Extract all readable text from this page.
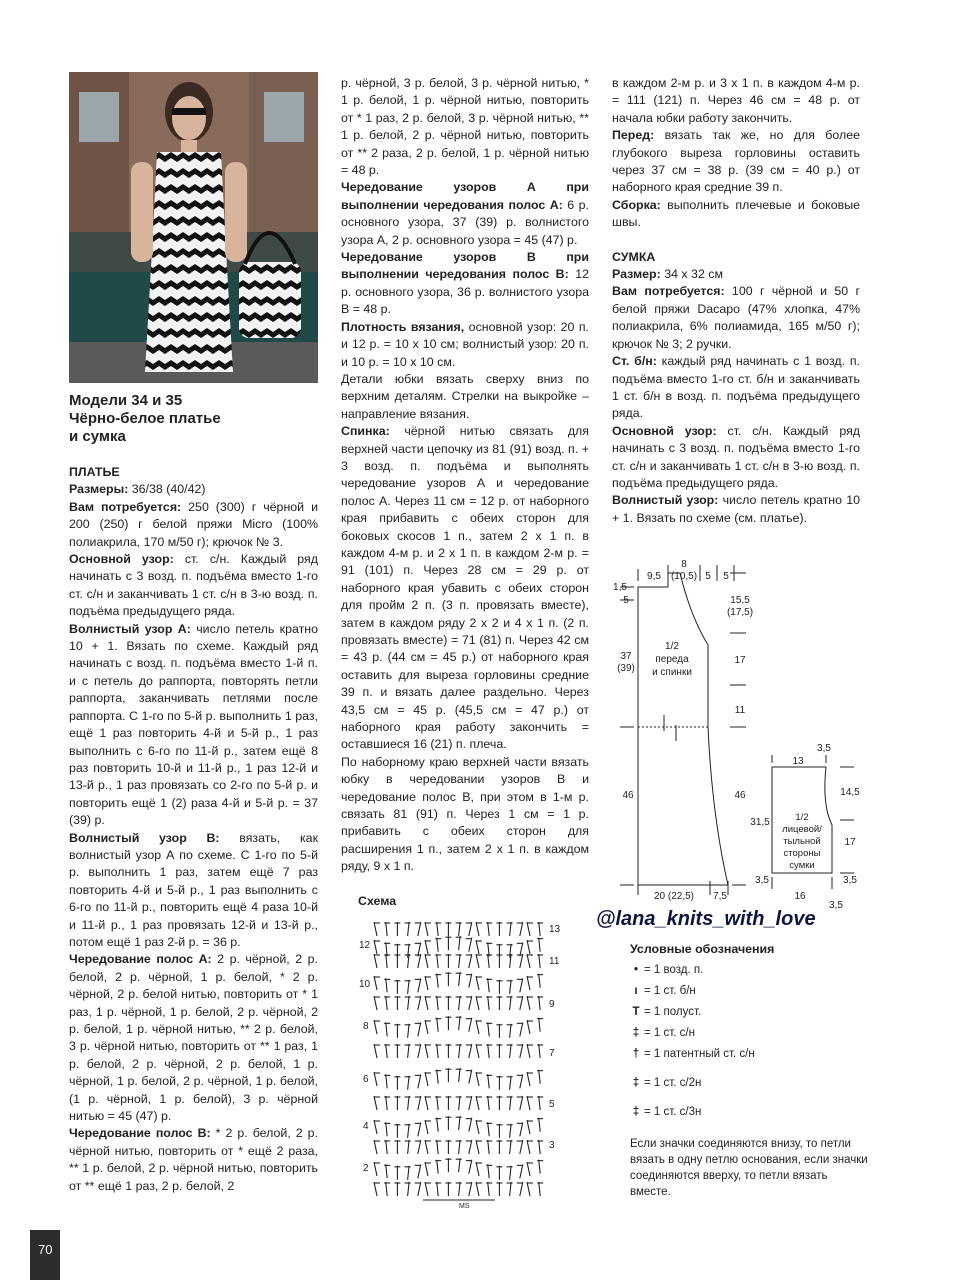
Модели 34 и 35

Чёрно-белое платье

и сумка

ПЛАТЬЕ

Размеры: 36/38 (40/42)

Вам потребуется: 250 (300) г чёрной и 200 (250) г белой пряжи Micro (100% полиакрила, 170 м/50 г); крючок № 3.

Основной узор: ст. с/н. Каждый ряд начинать с 3 возд. п. подъёма вместо 1-го ст. с/н и заканчивать 1 ст. с/н в 3-ю возд. п. подъёма предыдущего ряда.

Волнистый узор А: число петель кратно 10 + 1. Вязать по схеме. Каждый ряд начинать с возд. п. подъёма вместо 1-й п. и с петель до раппорта, повторять петли раппорта, заканчивать петлями после раппорта. С 1-го по 5-й р. выполнить 1 раз, ещё 1 раз повторить 4-й и 5-й р., 1 раз выполнить с 6-го по 11-й р., затем ещё 8 раз повторить 10-й и 11-й р., 1 раз 12-й и 13-й р., 1 раз провязать со 2-го по 5-й р. и повторить ещё 1 (2) раза 4-й и 5-й р. = 37 (39) р.

Волнистый узор В: вязать, как волнистый узор А по схеме. С 1-го по 5-й р. выполнить 1 раз, затем ещё 7 раз повторить 4-й и 5-й р., 1 раз выполнить с 6-го по 11-й р., повторить ещё 4 раза 10-й и 11-й р., 1 раз провязать 12-й и 13-й р., потом ещё 1 раз 2-й р. = 36 р.

Чередование полос А: 2 р. чёрной, 2 р. белой, 2 р. чёрной, 1 р. белой, * 2 р. чёрной, 2 р. белой нитью, повторить от * 1 раз, 1 р. чёрной, 1 р. белой, 2 р. чёрной, 2 р. белой, 1 р. чёрной нитью, ** 2 р. белой, 3 р. чёрной нитью, повторить от ** 1 раз, 1 р. белой, 2 р. чёрной, 2 р. белой, 1 р. чёрной, 1 р. белой, 2 р. чёрной, 1 р. белой, (1 р. чёрной, 1 р. белой), 3 р. чёрной нитью = 45 (47) р.

Чередование полос В: * 2 р. белой, 2 р. чёрной нитью, повторить от * ещё 2 раза, ** 1 р. белой, 2 р. чёрной нитью, повторить от ** ещё 1 раз, 2 р. белой, 2

р. чёрной, 3 р. белой, 3 р. чёрной нитью, * 1 р. белой, 1 р. чёрной нитью, повторить от * 1 раз, 2 р. белой, 3 р. чёрной нитью, ** 1 р. белой, 2 р. чёрной нитью, повторить от ** 2 раза, 2 р. белой, 1 р. чёрной нитью = 48 р.

Чередование узоров А при выполнении чередования полос А: 6 р. основного узора, 37 (39) р. волнистого узора А, 2 р. основного узора = 45 (47) р.

Чередование узоров В при выполнении чередования полос В: 12 р. основного узора, 36 р. волнистого узора В = 48 р.

Плотность вязания, основной узор: 20 п. и 12 р. = 10 х 10 см; волнистый узор: 20 п. и 10 р. = 10 х 10 см.

Детали юбки вязать сверху вниз по верхним деталям. Стрелки на выкройке – направление вязания.

Спинка: чёрной нитью связать для верхней части цепочку из 81 (91) возд. п. + 3 возд. п. подъёма и выполнять чередование узоров А и чередование полос А. Через 11 см = 12 р. от наборного края прибавить с обеих сторон для боковых скосов 1 п., затем 2 х 1 п. в каждом 4-м р. и 2 х 1 п. в каждом 2-м р. = 91 (101) п. Через 28 см = 29 р. от наборного края убавить с обеих сторон для пройм 2 п. (3 п. провязать вместе), затем в каждом ряду 2 х 2 и 4 х 1 п. (2 п. провязать вместе) = 71 (81) п. Через 42 см = 43 р. (44 см = 45 р.) от наборного края оставить для выреза горловины средние 39 п. и вязать далее раздельно. Через 43,5 см = 45 р. (45,5 см = 47 р.) от наборного края работу закончить = оставшиеся 16 (21) п. плеча.

По наборному краю верхней части вязать юбку в чередовании узоров В и чередование полос В, при этом в 1-м р. связать 81 (91) п. Через 1 см = 1 р. прибавить с обеих сторон для расширения 1 п., затем 2 х 1 п. в каждом ряду, 9 х 1 п.

в каждом 2-м р. и 3 х 1 п. в каждом 4-м р. = 111 (121) п. Через 46 см = 48 р. от начала юбки работу закончить.

Перед: вязать так же, но для более глубокого выреза горловины оставить через 37 см = 38 р. (39 см = 40 р.) от наборного края средние 39 п.

Сборка: выполнить плечевые и боковые швы.

СУМКА

Размер: 34 х 32 см

Вам потребуется: 100 г чёрной и 50 г белой пряжи Dacapo (47% хлопка, 47% полиакрила, 6% полиамида, 165 м/50 г); крючок № 3; 2 ручки.

Ст. б/н: каждый ряд начинать с 1 возд. п. подъёма вместо 1-го ст. б/н и заканчивать 1 ст. б/н в возд. п. подъёма предыдущего ряда.

Основной узор: ст. с/н. Каждый ряд начинать с 3 возд. п. подъёма вместо 1-го ст. с/н и заканчивать 1 ст. с/н в 3-ю возд. п. подъёма предыдущего ряда.

Волнистый узор: число петель кратно 10 + 1. Вязать по схеме (см. платье).

8
(10,5)
9,5	5 5
1,5
5	15,5
(17,5)
37
(39)
17
11
1/2
переда
и спинки
46	46
20 (22,5) 7,5
3,5
13
14,5
31,5
17
1/2
лицевой/
тыльной
стороны
сумки
3,5
16
3,5
3,5
Схема
12
10
8
6
4
2
13
11
9
7
5
3
MS
@lana_knits_with_love

Условные обозначения

• = 1 возд. п.
ı = 1 ст. б/н
T = 1 полуст.
‡ = 1 ст. с/н
† = 1 патентный ст. с/н
‡ = 1 ст. с/2н
‡ = 1 ст. с/3н

Если значки соединяются внизу, то петли вязать в одну петлю основания, если значки соединяются вверху, то петли вязать вместе.

70
